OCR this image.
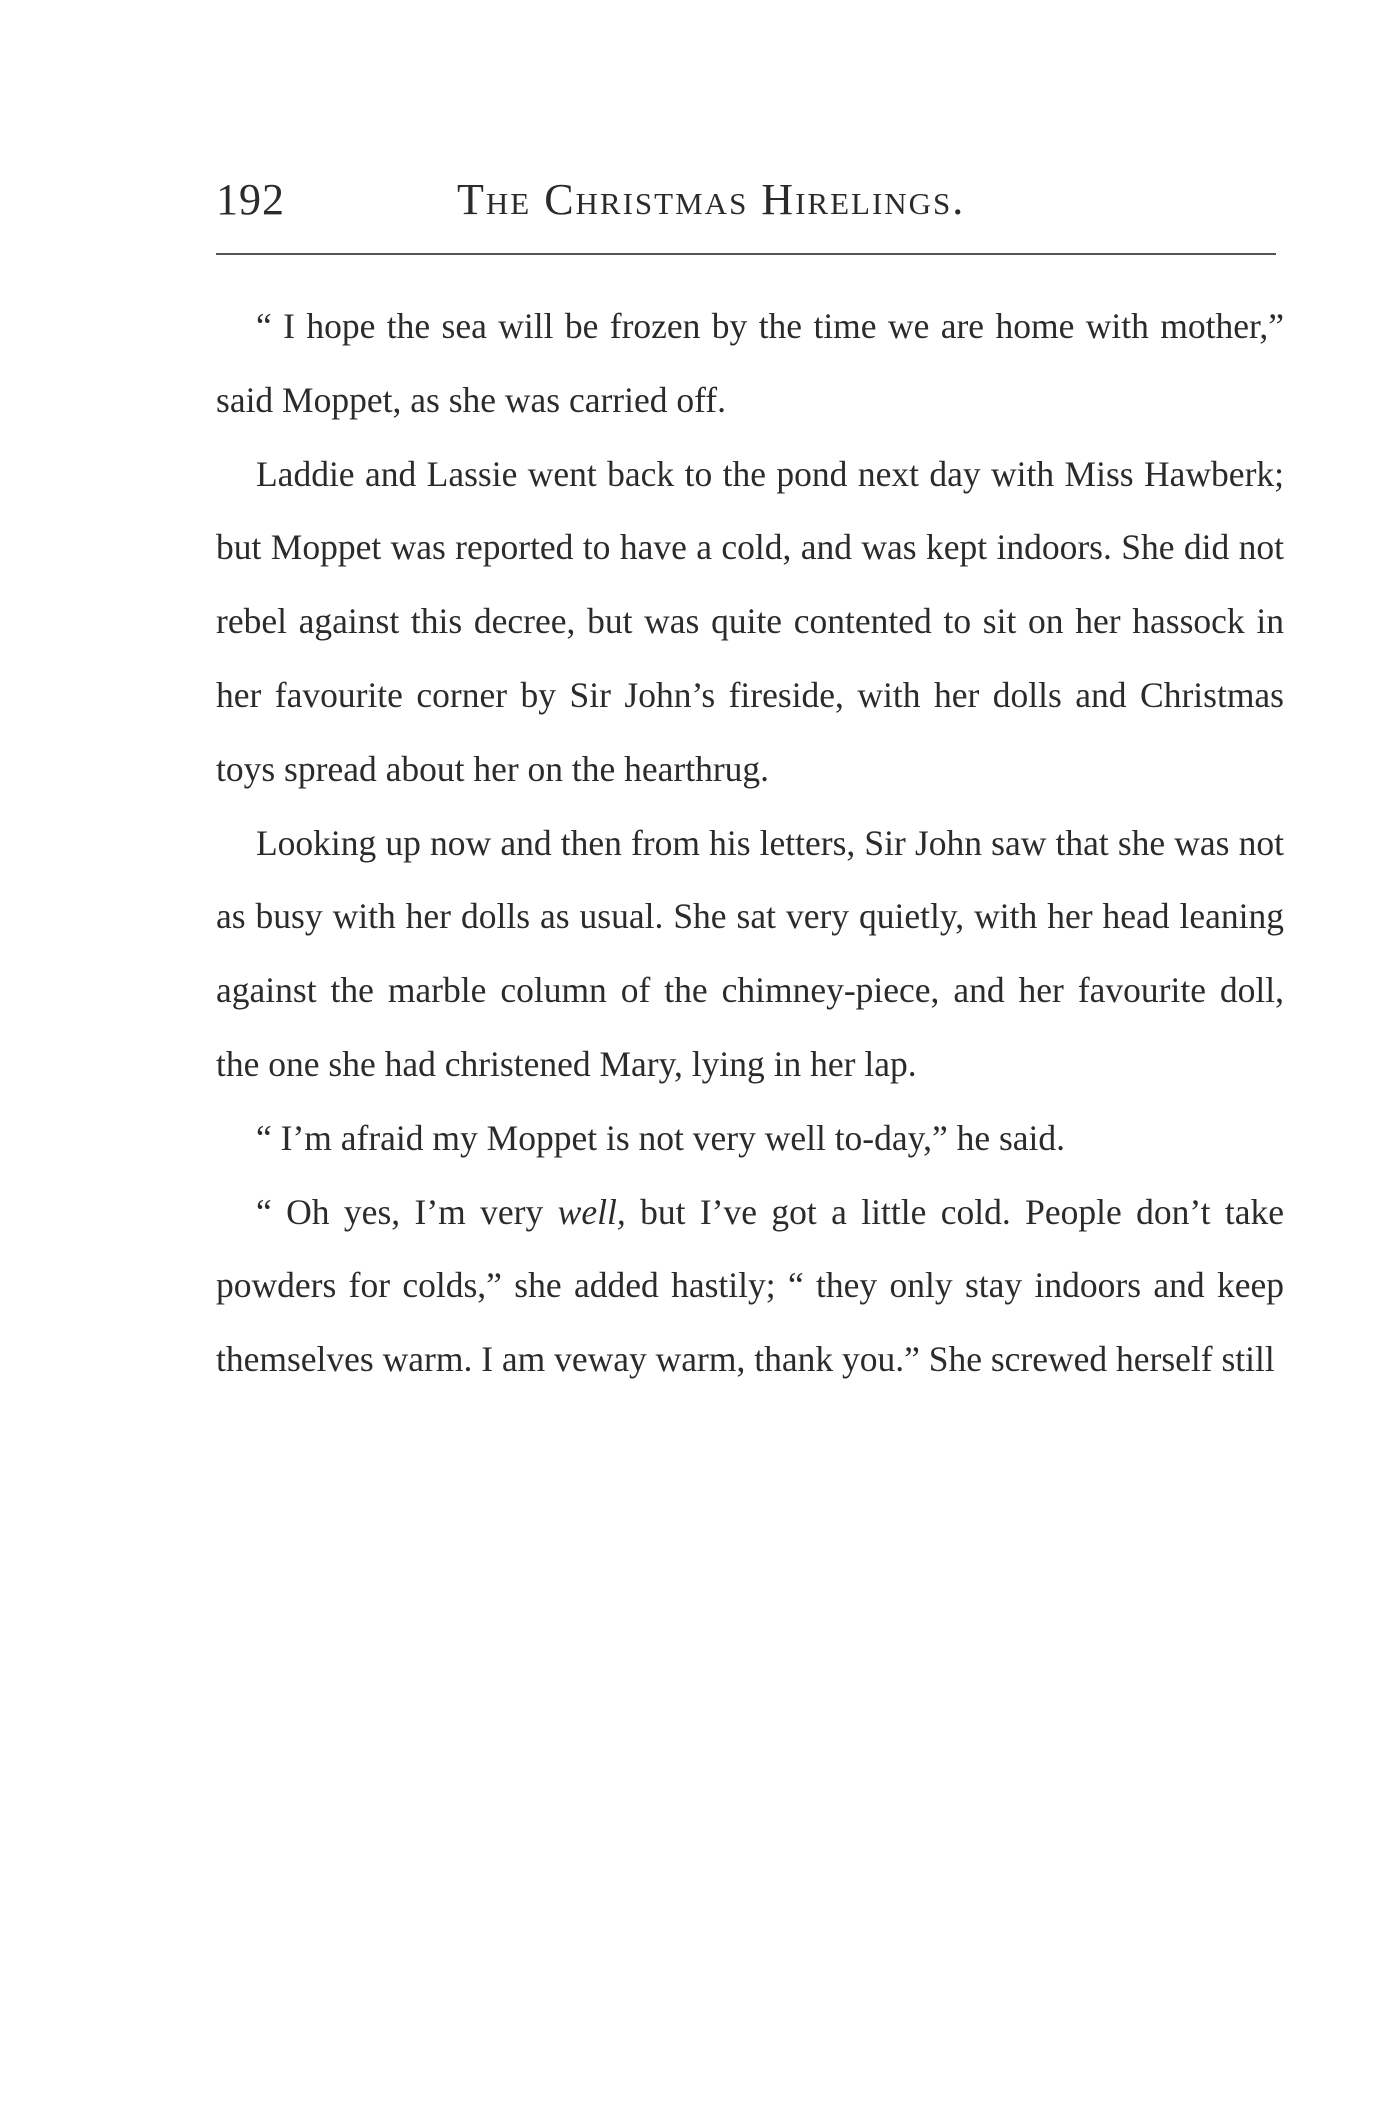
192	The Christmas Hirelings.

“ I hope the sea will be frozen by the time we are home with mother,” said Moppet, as she was carried off.

Laddie and Lassie went back to the pond next day with Miss Hawberk; but Moppet was reported to have a cold, and was kept indoors. She did not rebel against this decree, but was quite contented to sit on her hassock in her favourite corner by Sir John’s fireside, with her dolls and Christmas toys spread about her on the hearthrug.

Looking up now and then from his letters, Sir John saw that she was not as busy with her dolls as usual. She sat very quietly, with her head leaning against the marble column of the chimney-piece, and her favourite doll, the one she had christened Mary, lying in her lap.

“ I’m afraid my Moppet is not very well to-day,” he said.

“ Oh yes, I’m very well, but I’ve got a little cold. People don’t take powders for colds,” she added hastily; “ they only stay indoors and keep themselves warm. I am veway warm, thank you.” She screwed herself still
